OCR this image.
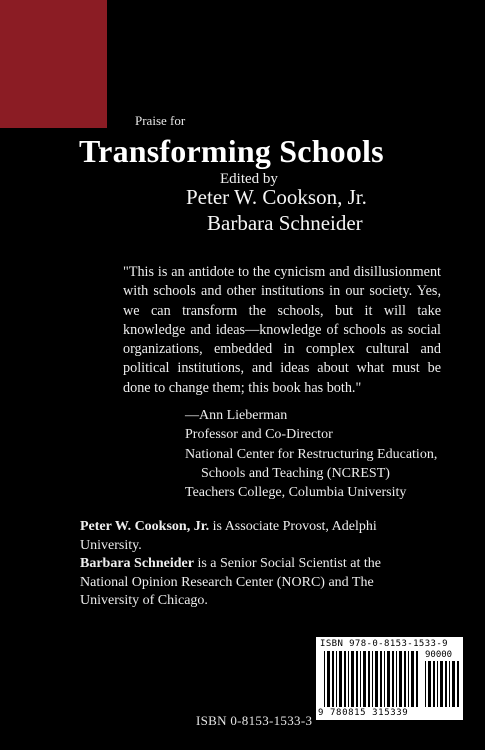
Praise for
Transforming Schools
Edited by
Peter W. Cookson, Jr.
Barbara Schneider
"This is an antidote to the cynicism and disillusionment with schools and other institutions in our society. Yes, we can transform the schools, but it will take knowledge and ideas—knowledge of schools as social organizations, embedded in complex cultural and political institutions, and ideas about what must be done to change them; this book has both."
—Ann Lieberman
Professor and Co-Director
National Center for Restructuring Education,
Schools and Teaching (NCREST)
Teachers College, Columbia University
Peter W. Cookson, Jr. is Associate Provost, Adelphi University.
Barbara Schneider is a Senior Social Scientist at the National Opinion Research Center (NORC) and The University of Chicago.
ISBN 978-0-8153-1533-9
90000
9 780815 315339
ISBN 0-8153-1533-3
